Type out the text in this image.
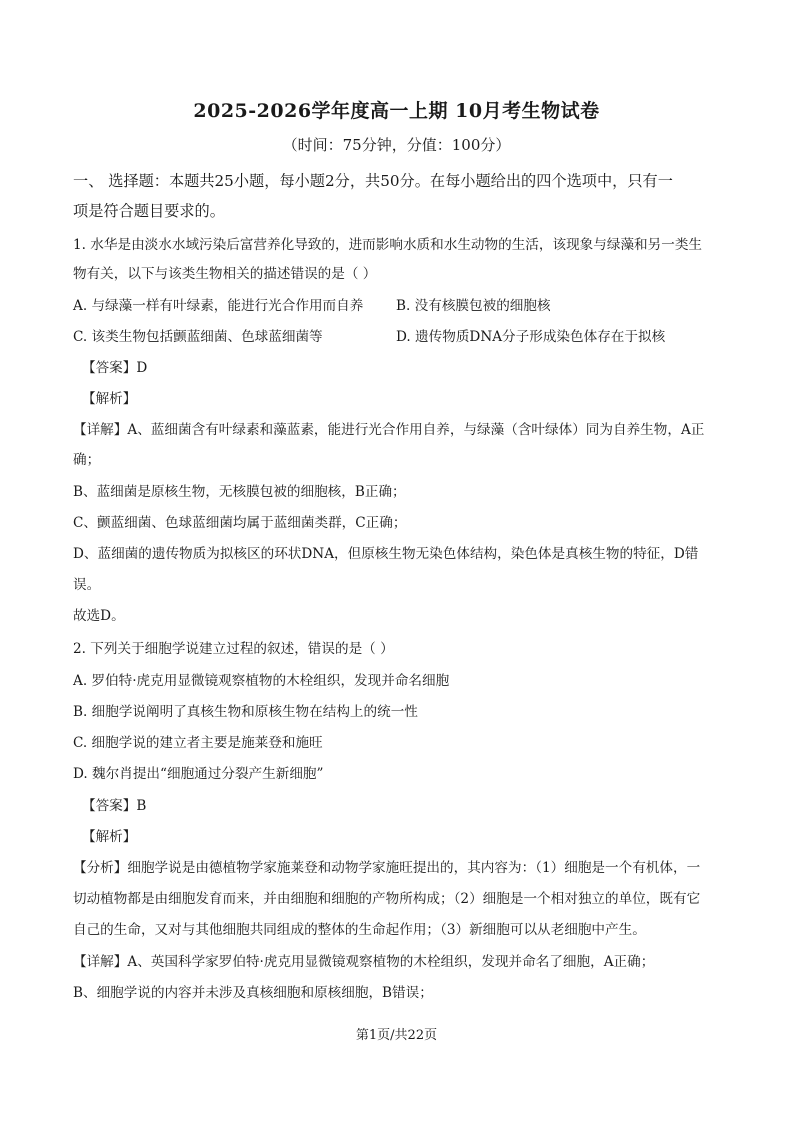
2025-2026学年度高一上期 10月考生物试卷
（时间：75分钟，分值：100分）
一、 选择题：本题共25小题，每小题2分，共50分。在每小题给出的四个选项中，只有一
项是符合题目要求的。
1. 水华是由淡水水域污染后富营养化导致的，进而影响水质和水生动物的生活，该现象与绿藻和另一类生
物有关，以下与该类生物相关的描述错误的是（ ）
A. 与绿藻一样有叶绿素，能进行光合作用而自养 B. 没有核膜包被的细胞核
C. 该类生物包括颤蓝细菌、色球蓝细菌等	D. 遗传物质DNA分子形成染色体存在于拟核
【答案】D
【解析】
【详解】A、蓝细菌含有叶绿素和藻蓝素，能进行光合作用自养，与绿藻（含叶绿体）同为自养生物，A正
确；
B、蓝细菌是原核生物，无核膜包被的细胞核，B正确；
C、颤蓝细菌、色球蓝细菌均属于蓝细菌类群，C正确；
D、蓝细菌的遗传物质为拟核区的环状DNA，但原核生物无染色体结构，染色体是真核生物的特征，D错
误。
故选D。
2. 下列关于细胞学说建立过程的叙述，错误的是（ ）
A. 罗伯特·虎克用显微镜观察植物的木栓组织，发现并命名细胞
B. 细胞学说阐明了真核生物和原核生物在结构上的统一性
C. 细胞学说的建立者主要是施莱登和施旺
D. 魏尔肖提出“细胞通过分裂产生新细胞”
【答案】B
【解析】
【分析】细胞学说是由德植物学家施莱登和动物学家施旺提出的，其内容为：（1）细胞是一个有机体，一
切动植物都是由细胞发育而来，并由细胞和细胞的产物所构成；（2）细胞是一个相对独立的单位，既有它
自己的生命，又对与其他细胞共同组成的整体的生命起作用；（3）新细胞可以从老细胞中产生。
【详解】A、英国科学家罗伯特·虎克用显微镜观察植物的木栓组织，发现并命名了细胞，A正确；
B、细胞学说的内容并未涉及真核细胞和原核细胞，B错误；
第1页/共22页
